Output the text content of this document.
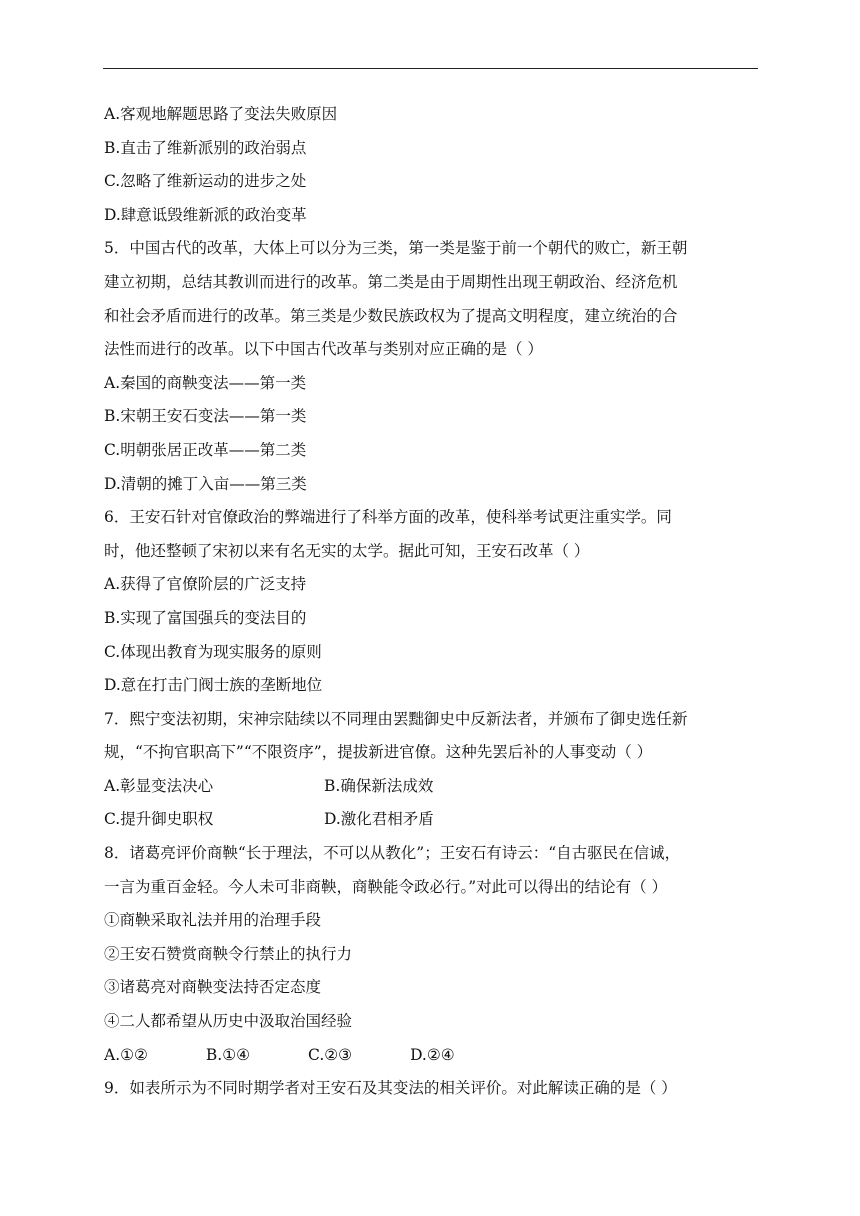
A.客观地解题思路了变法失败原因
B.直击了维新派别的政治弱点
C.忽略了维新运动的进步之处
D.肆意诋毁维新派的政治变革
5．中国古代的改革，大体上可以分为三类，第一类是鉴于前一个朝代的败亡，新王朝
建立初期，总结其教训而进行的改革。第二类是由于周期性出现王朝政治、经济危机
和社会矛盾而进行的改革。第三类是少数民族政权为了提高文明程度，建立统治的合
法性而进行的改革。以下中国古代改革与类别对应正确的是（ ）
A.秦国的商鞅变法——第一类
B.宋朝王安石变法——第一类
C.明朝张居正改革——第二类
D.清朝的摊丁入亩——第三类
6．王安石针对官僚政治的弊端进行了科举方面的改革，使科举考试更注重实学。同
时，他还整顿了宋初以来有名无实的太学。据此可知，王安石改革（ ）
A.获得了官僚阶层的广泛支持
B.实现了富国强兵的变法目的
C.体现出教育为现实服务的原则
D.意在打击门阀士族的垄断地位
7．熙宁变法初期，宋神宗陆续以不同理由罢黜御史中反新法者，并颁布了御史选任新
规，“不拘官职高下”“不限资序”，提拔新进官僚。这种先罢后补的人事变动（ ）
A.彰显变法决心	B.确保新法成效
C.提升御史职权	D.激化君相矛盾
8．诸葛亮评价商鞅“长于理法，不可以从教化”；王安石有诗云：“自古驱民在信诚，
一言为重百金轻。今人未可非商鞅，商鞅能令政必行。”对此可以得出的结论有（ ）
①商鞅采取礼法并用的治理手段
②王安石赞赏商鞅令行禁止的执行力
③诸葛亮对商鞅变法持否定态度
④二人都希望从历史中汲取治国经验
A.①②	B.①④	C.②③	D.②④
9．如表所示为不同时期学者对王安石及其变法的相关评价。对此解读正确的是（ ）
